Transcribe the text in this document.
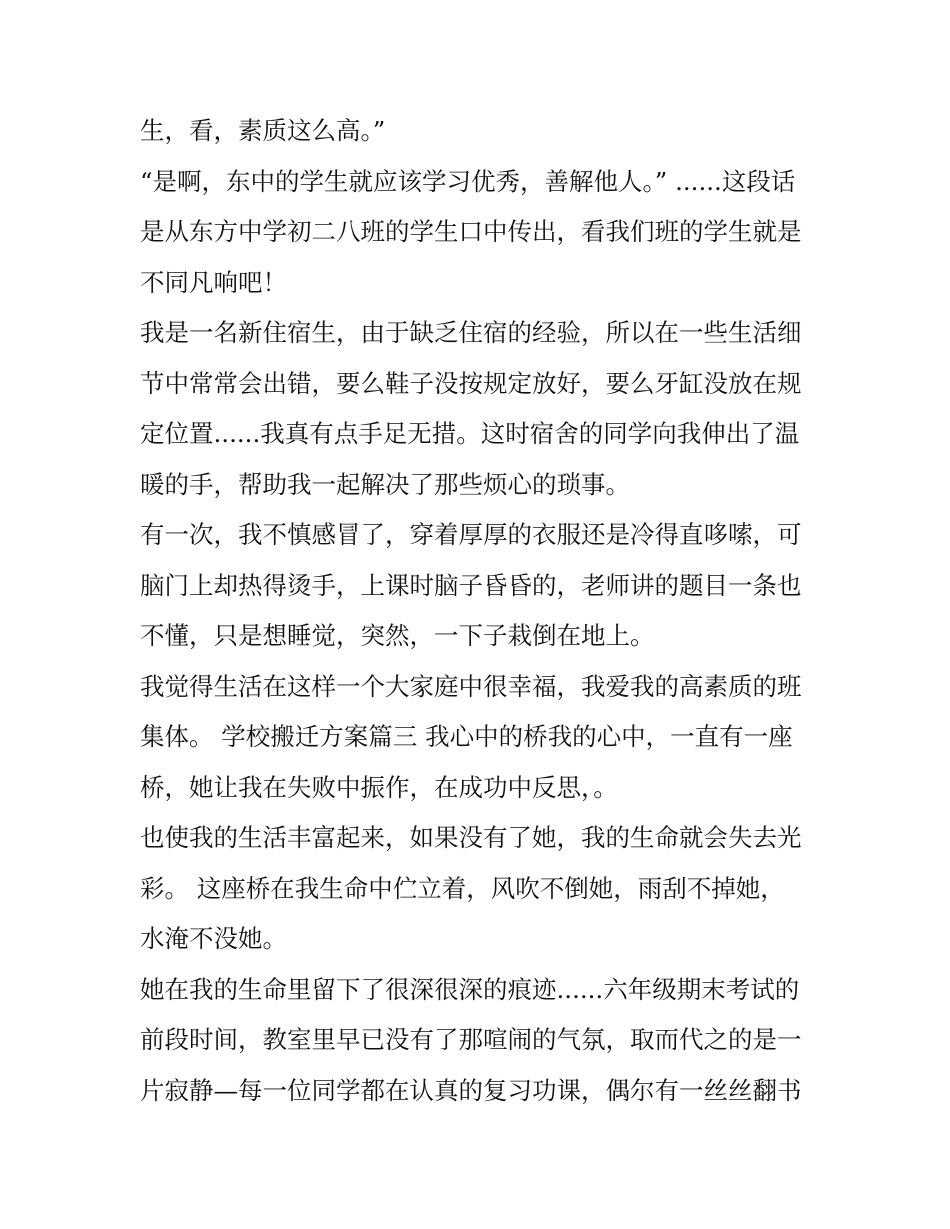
生，看，素质这么高。”
“是啊，东中的学生就应该学习优秀，善解他人。” ......这段话
是从东方中学初二八班的学生口中传出，看我们班的学生就是
不同凡响吧！
我是一名新住宿生，由于缺乏住宿的经验，所以在一些生活细
节中常常会出错，要么鞋子没按规定放好，要么牙缸没放在规
定位置......我真有点手足无措。这时宿舍的同学向我伸出了温
暖的手，帮助我一起解决了那些烦心的琐事。
有一次，我不慎感冒了，穿着厚厚的衣服还是冷得直哆嗦，可
脑门上却热得烫手，上课时脑子昏昏的，老师讲的题目一条也
不懂，只是想睡觉，突然，一下子栽倒在地上。
我觉得生活在这样一个大家庭中很幸福，我爱我的高素质的班
集体。 学校搬迁方案篇三 我心中的桥我的心中，一直有一座
桥，她让我在失败中振作，在成功中反思，。
也使我的生活丰富起来，如果没有了她，我的生命就会失去光
彩。 这座桥在我生命中伫立着，风吹不倒她，雨刮不掉她，
水淹不没她。
她在我的生命里留下了很深很深的痕迹......六年级期末考试的
前段时间，教室里早已没有了那喧闹的气氛，取而代之的是一
片寂静—每一位同学都在认真的复习功课，偶尔有一丝丝翻书
